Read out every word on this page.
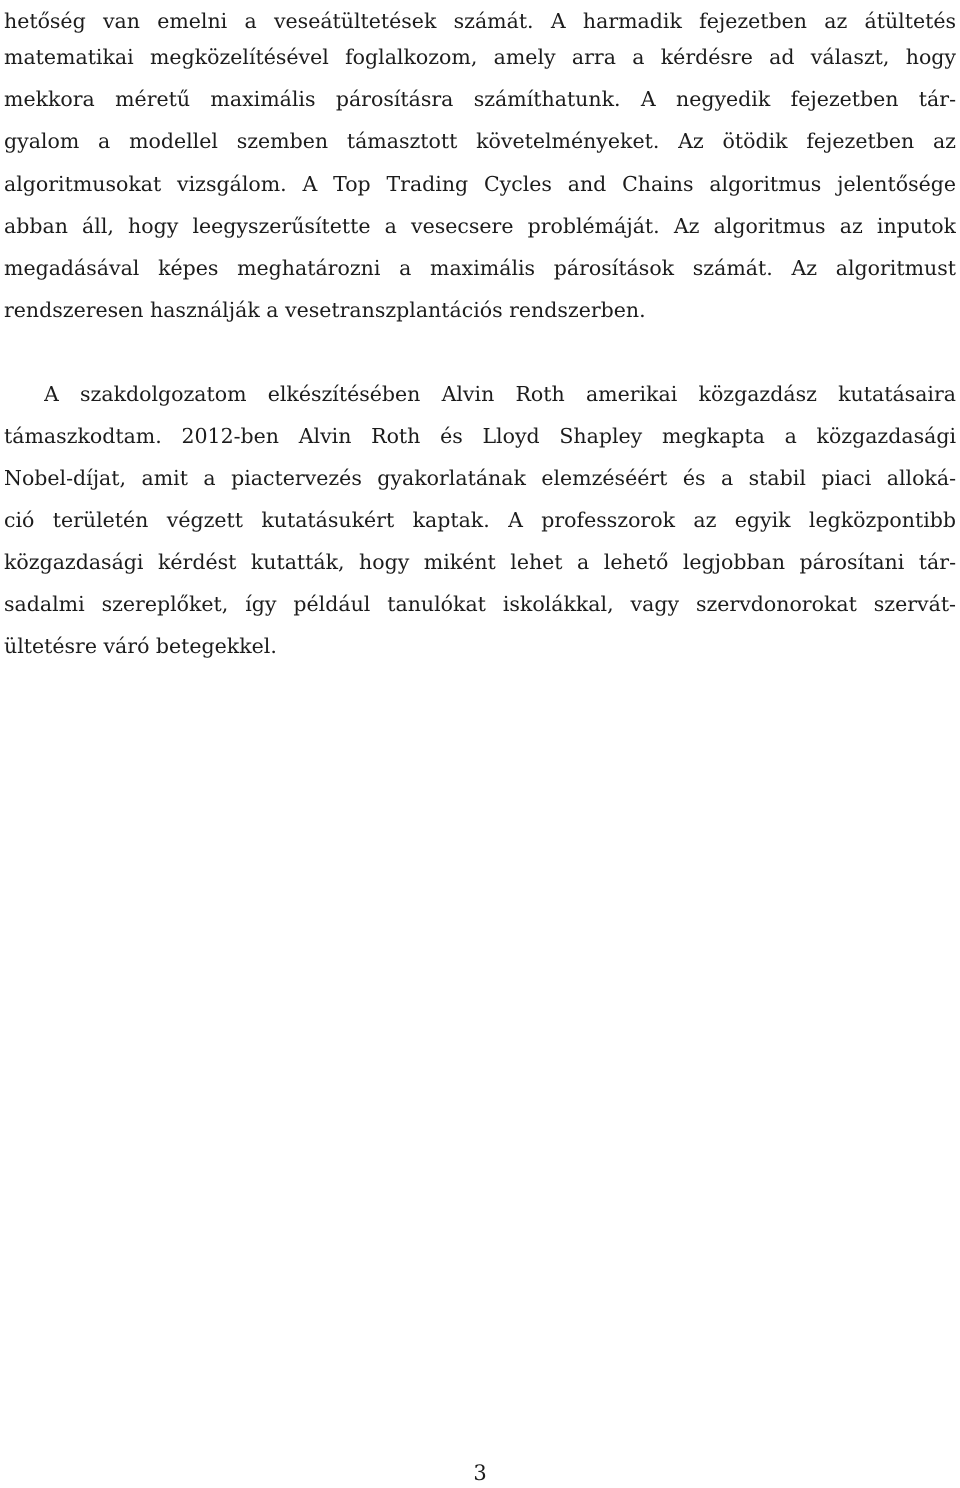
hetőség van emelni a veseátültetések számát. A harmadik fejezetben az átültetés
matematikai megközelítésével foglalkozom, amely arra a kérdésre ad választ, hogy
mekkora méretű maximális párosításra számíthatunk. A negyedik fejezetben tár-
gyalom a modellel szemben támasztott követelményeket. Az ötödik fejezetben az
algoritmusokat vizsgálom. A Top Trading Cycles and Chains algoritmus jelentősége
abban áll, hogy leegyszerűsítette a vesecsere problémáját. Az algoritmus az inputok
megadásával képes meghatározni a maximális párosítások számát. Az algoritmust
rendszeresen használják a vesetranszplantációs rendszerben.
A szakdolgozatom elkészítésében Alvin Roth amerikai közgazdász kutatásaira
támaszkodtam. 2012-ben Alvin Roth és Lloyd Shapley megkapta a közgazdasági
Nobel-díjat, amit a piactervezés gyakorlatának elemzéséért és a stabil piaci alloká-
ció területén végzett kutatásukért kaptak. A professzorok az egyik legközpontibb
közgazdasági kérdést kutatták, hogy miként lehet a lehető legjobban párosítani tár-
sadalmi szereplőket, így például tanulókat iskolákkal, vagy szervdonorokat szervát-
ültetésre váró betegekkel.
3
